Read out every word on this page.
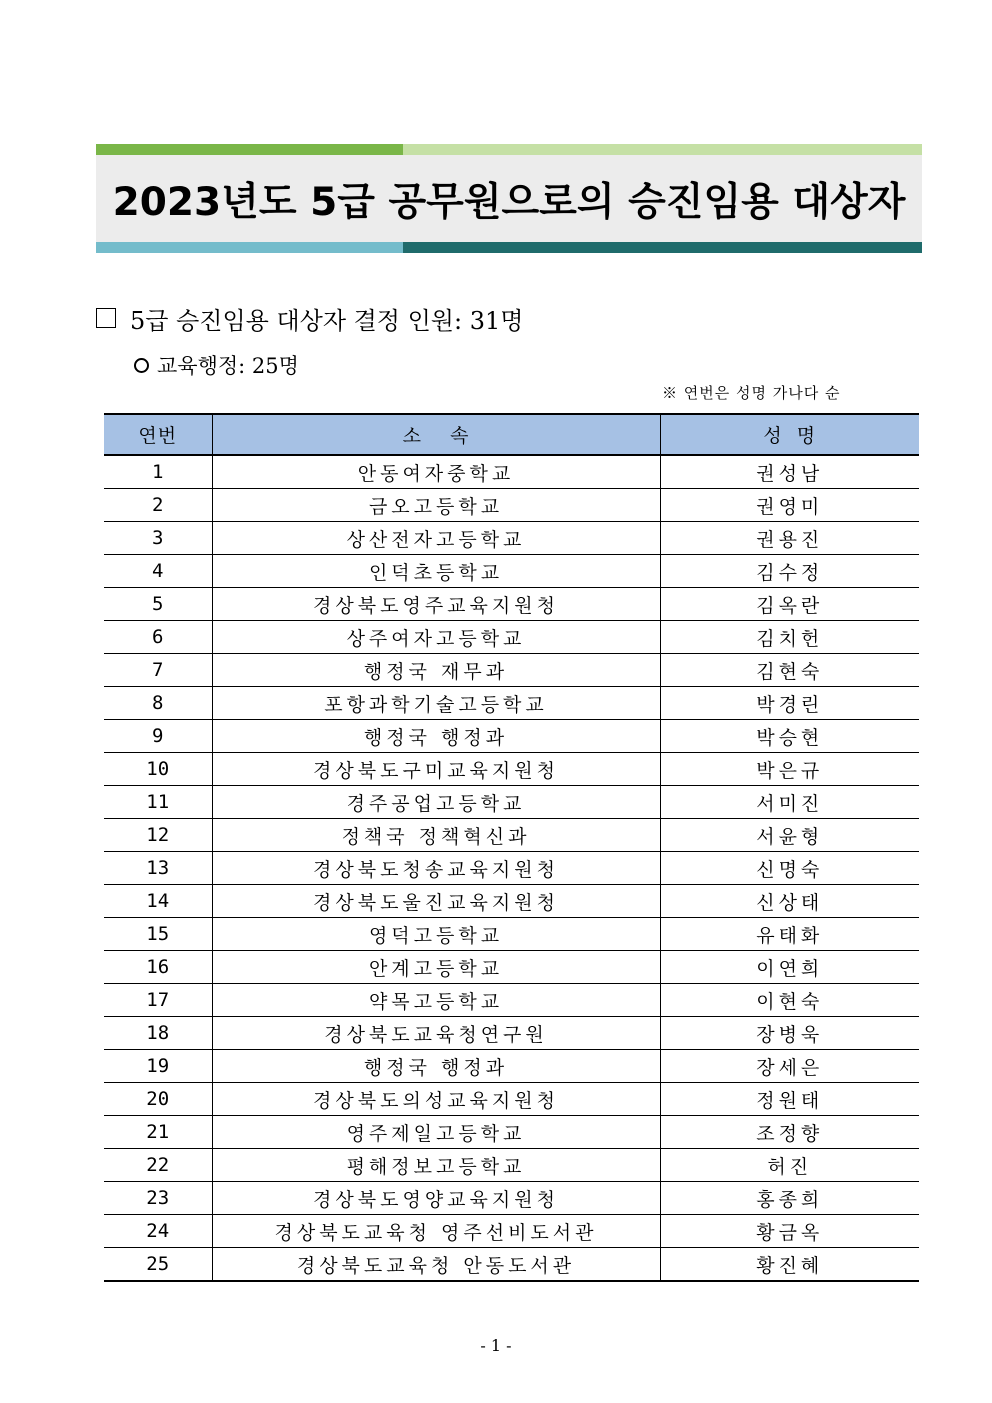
2023년도 5급 공무원으로의 승진임용 대상자
5급 승진임용 대상자 결정 인원: 31명
교육행정: 25명
※ 연번은 성명 가나다 순
연번	소    속	성  명
1	안동여자중학교	권성남
2	금오고등학교	권영미
3	상산전자고등학교	권용진
4	인덕초등학교	김수정
5	경상북도영주교육지원청	김옥란
6	상주여자고등학교	김치헌
7	행정국 재무과	김현숙
8	포항과학기술고등학교	박경린
9	행정국 행정과	박승현
10	경상북도구미교육지원청	박은규
11	경주공업고등학교	서미진
12	정책국 정책혁신과	서윤형
13	경상북도청송교육지원청	신명숙
14	경상북도울진교육지원청	신상태
15	영덕고등학교	유태화
16	안계고등학교	이연희
17	약목고등학교	이현숙
18	경상북도교육청연구원	장병욱
19	행정국 행정과	장세은
20	경상북도의성교육지원청	정원태
21	영주제일고등학교	조정향
22	평해정보고등학교	허진
23	경상북도영양교육지원청	홍종희
24	경상북도교육청 영주선비도서관	황금옥
25	경상북도교육청 안동도서관	황진혜
- 1 -
